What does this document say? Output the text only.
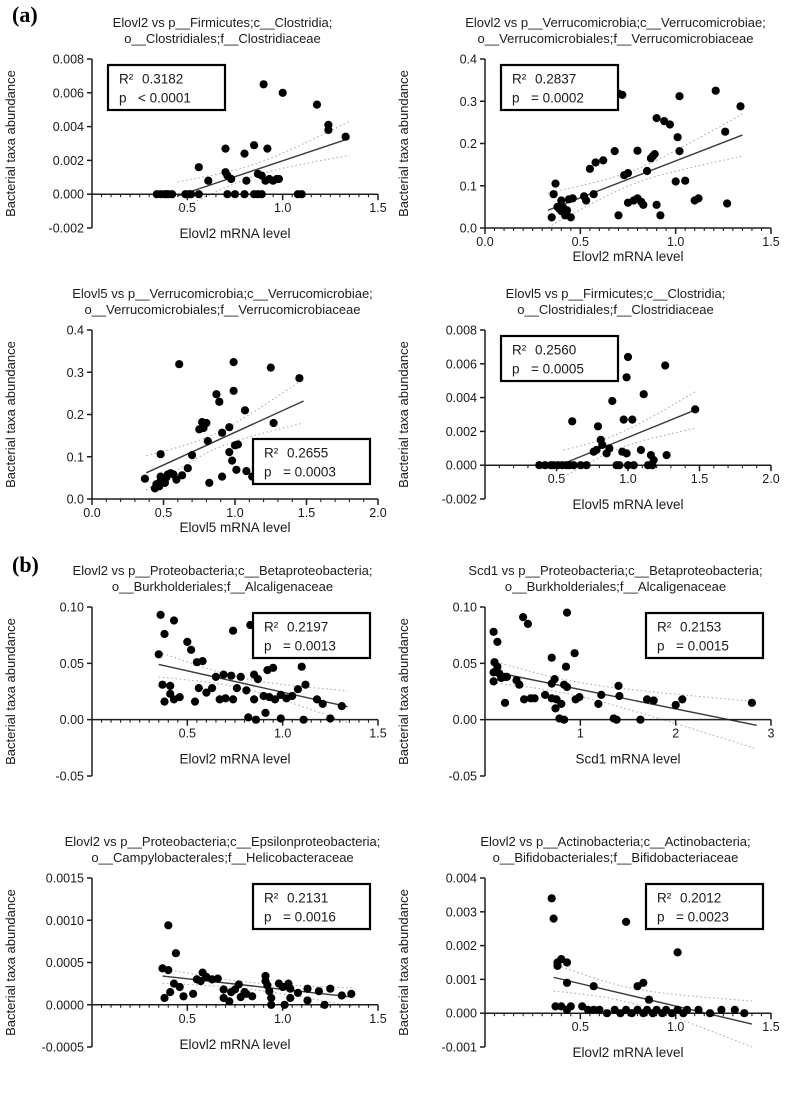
(a)	Elovl2 vs p__Firmicutes;c__Clostridia;
o__Clostridiales;f__Clostridiaceae
-0.002
0.000
0.002
0.004
0.006
0.008
0.5	1.0	1.5
Elovl2 mRNA level
Bacterial taxa abundance	R² 0.3182
p < 0.0001
Elovl2 vs p__Verrucomicrobia;c__Verrucomicrobiae;
o__Verrucomicrobiales;f__Verrucomicrobiaceae
0.0
0.1
0.2
0.3
0.4
0.0	0.5	1.0	1.5
Elovl2 mRNA level
Bacterial taxa abundance	R² 0.2837
p = 0.0002
Elovl5 vs p__Verrucomicrobia;c__Verrucomicrobiae;
o__Verrucomicrobiales;f__Verrucomicrobiaceae
0.0
0.1
0.2
0.3
0.4
0.0	0.5	1.0	1.5	2.0
Elovl5 mRNA level
Bacterial taxa abundance	R² 0.2655
p = 0.0003
Elovl5 vs p__Firmicutes;c__Clostridia;
o__Clostridiales;f__Clostridiaceae
-0.002
0.000
0.002
0.004
0.006
0.008
0.5	1.0	1.5	2.0
Elovl5 mRNA level
Bacterial taxa abundance	R² 0.2560
p = 0.0005
(b)	Elovl2 vs p__Proteobacteria;c__Betaproteobacteria;
o__Burkholderiales;f__Alcaligenaceae
-0.05
0.00
0.05
0.10
0.5	1.0	1.5
Elovl2 mRNA level
Bacterial taxa abundance	R² 0.2197
p = 0.0013
Scd1 vs p__Proteobacteria;c__Betaproteobacteria;
o__Burkholderiales;f__Alcaligenaceae
-0.05
0.00
0.05
0.10
1	2	3
Scd1 mRNA level
Bacterial taxa abundance	R² 0.2153
p = 0.0015
Elovl2 vs p__Proteobacteria;c__Epsilonproteobacteria;
o__Campylobacterales;f__Helicobacteraceae
-0.0005
0.0000
0.0005
0.0010
0.0015
0.5	1.0	1.5
Elovl2 mRNA level
Bacterial taxa abundance	R² 0.2131
p = 0.0016
Elovl2 vs p__Actinobacteria;c__Actinobacteria;
o__Bifidobacteriales;f__Bifidobacteriaceae
-0.001
0.000
0.001
0.002
0.003
0.004
0.5	1.0	1.5
Elovl2 mRNA level
Bacterial taxa abundance	R² 0.2012
p = 0.0023
